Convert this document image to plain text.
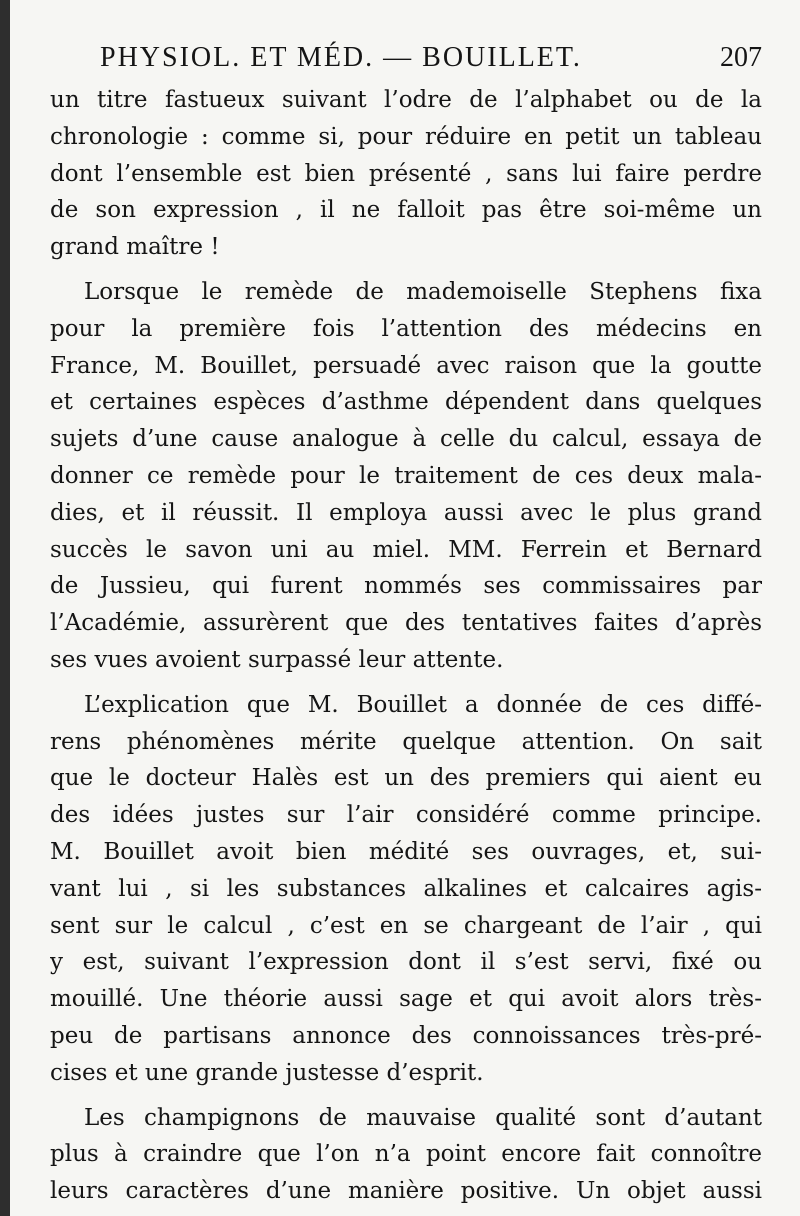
PHYSIOL. ET MÉD. — BOUILLET.	207
un titre fastueux suivant l’odre de l’alphabet ou de la
chronologie : comme si, pour réduire en petit un tableau
dont l’ensemble est bien présenté , sans lui faire perdre
de son expression , il ne falloit pas être soi-même un
grand maître !
Lorsque le remède de mademoiselle Stephens fixa
pour la première fois l’attention des médecins en
France, M. Bouillet, persuadé avec raison que la goutte
et certaines espèces d’asthme dépendent dans quelques
sujets d’une cause analogue à celle du calcul, essaya de
donner ce remède pour le traitement de ces deux mala-
dies, et il réussit. Il employa aussi avec le plus grand
succès le savon uni au miel. MM. Ferrein et Bernard
de Jussieu, qui furent nommés ses commissaires par
l’Académie, assurèrent que des tentatives faites d’après
ses vues avoient surpassé leur attente.
L’explication que M. Bouillet a donnée de ces diffé-
rens phénomènes mérite quelque attention. On sait
que le docteur Halès est un des premiers qui aient eu
des idées justes sur l’air considéré comme principe.
M. Bouillet avoit bien médité ses ouvrages, et, sui-
vant lui , si les substances alkalines et calcaires agis-
sent sur le calcul , c’est en se chargeant de l’air , qui
y est, suivant l’expression dont il s’est servi, fixé ou
mouillé. Une théorie aussi sage et qui avoit alors très-
peu de partisans annonce des connoissances très-pré-
cises et une grande justesse d’esprit.
Les champignons de mauvaise qualité sont d’autant
plus à craindre que l’on n’a point encore fait connoître
leurs caractères d’une manière positive. Un objet aussi
